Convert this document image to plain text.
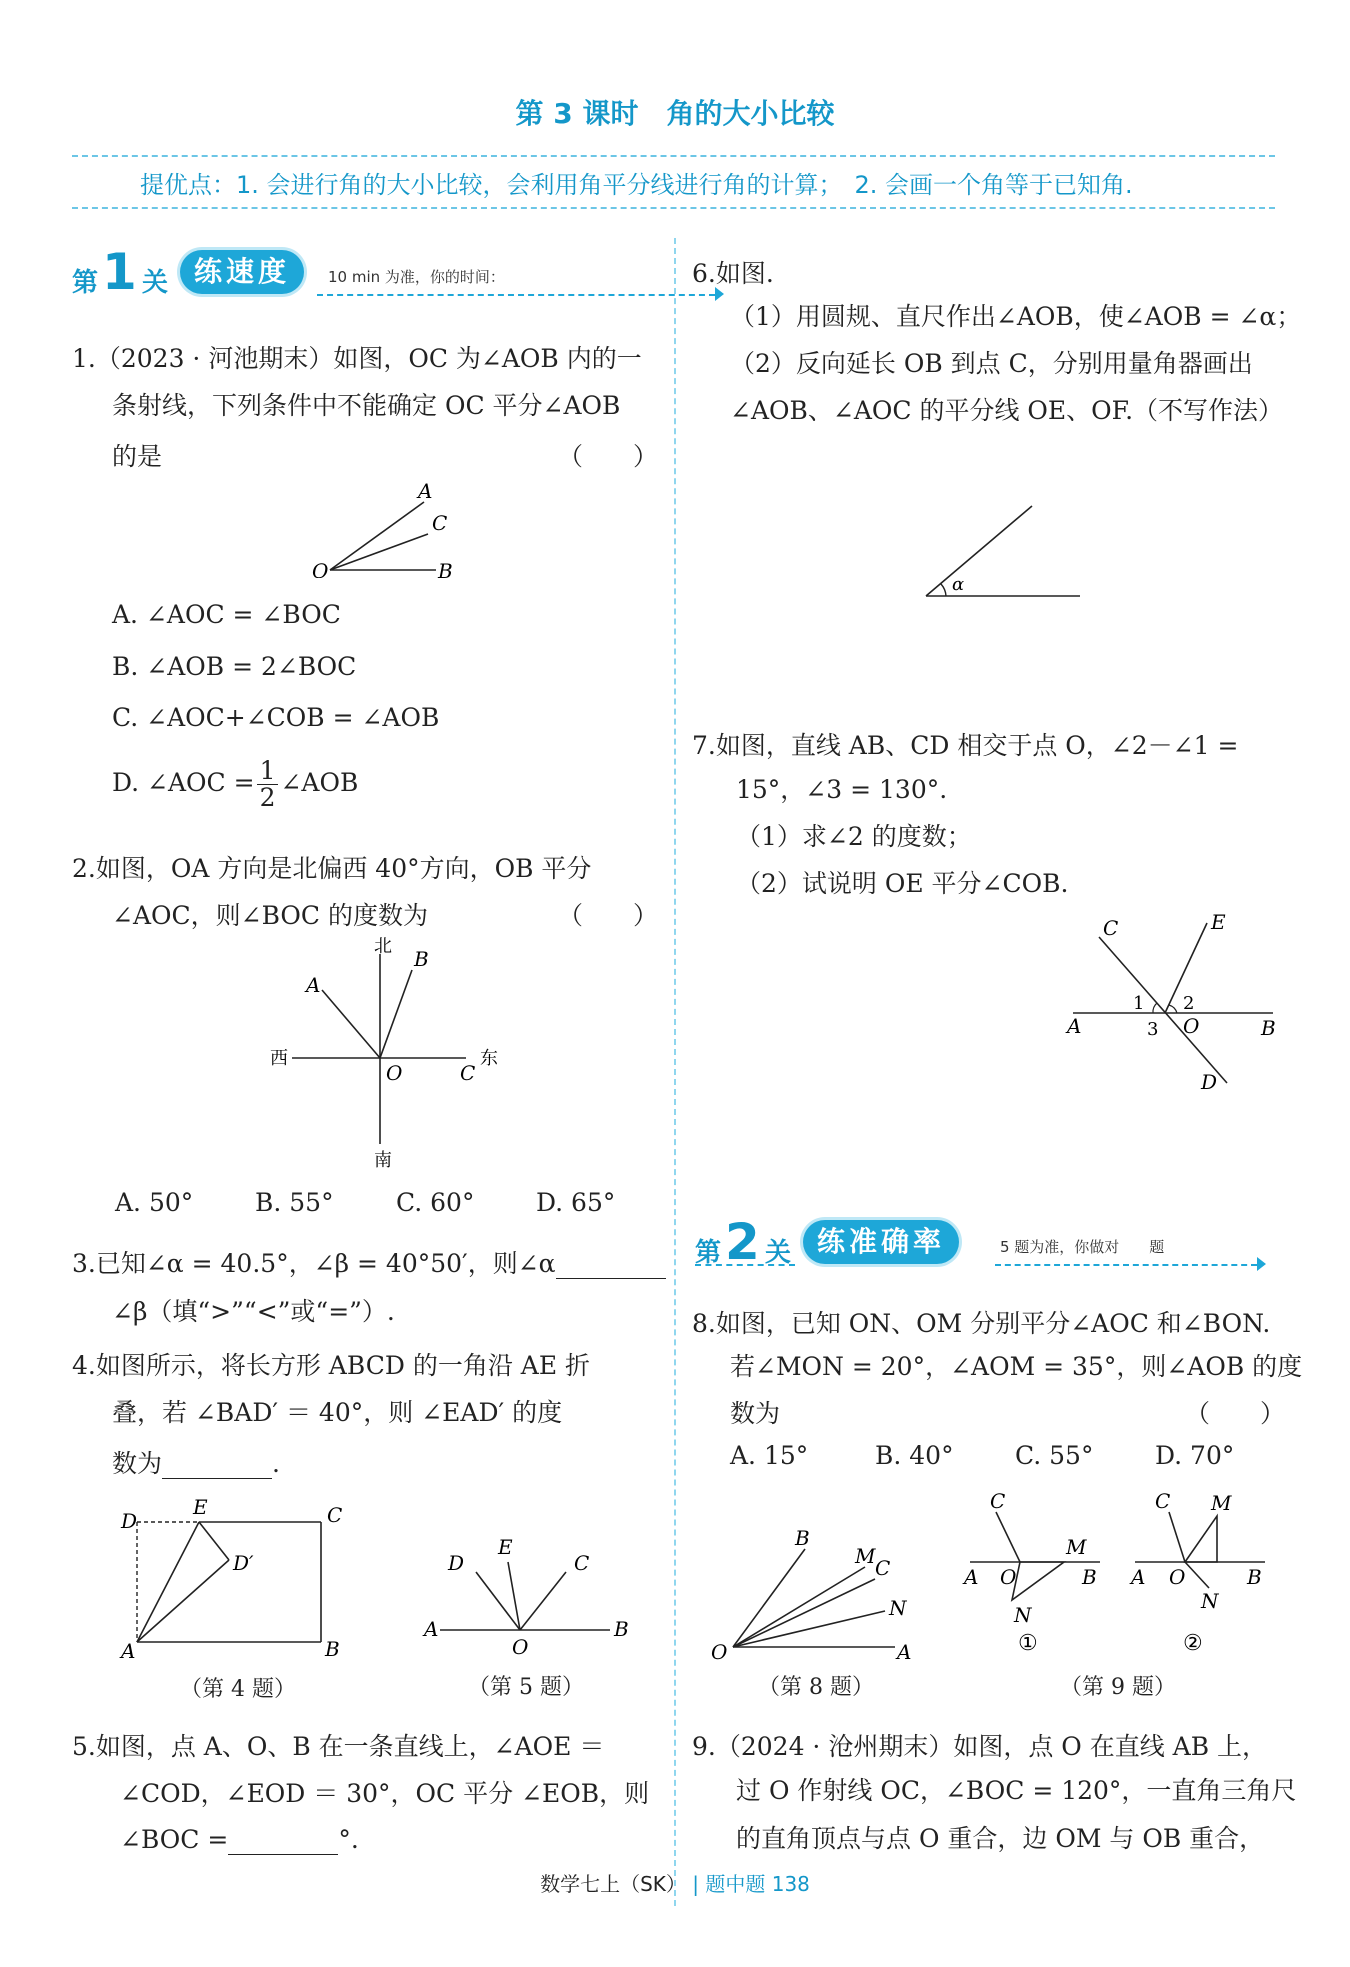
第 3 课时　角的大小比较
提优点：1. 会进行角的大小比较，会利用角平分线进行角的计算；　2. 会画一个角等于已知角.
第 1 关 练速度	10 min 为准，你的时间：
1.（2023 · 河池期末）如图，OC 为∠AOB 内的一
条射线，下列条件中不能确定 OC 平分∠AOB
的是	（　　）
A
C
O	B
A. ∠AOC = ∠BOC
B. ∠AOB = 2∠BOC
C. ∠AOC+∠COB = ∠AOB
D. ∠AOC = $\frac{1}{2}$ ∠AOB
2.如图，OA 方向是北偏西 40°方向，OB 平分
∠AOC，则∠BOC 的度数为	（　　）
北
南
西	东
A
B
O	C
A. 50° B. 55° C. 60° D. 65°
3.已知∠α = 40.5°，∠β = 40°50′，则∠α
∠β（填“>”“<”或“=”）.
4.如图所示，将长方形 ABCD 的一角沿 AE 折
叠，若 ∠BAD′ ＝ 40°，则 ∠EAD′ 的度
数为	.
D
E	C
D′
A	B
（第 4 题）
E
D	C
A
O
B
（第 5 题）
5.如图，点 A、O、B 在一条直线上，∠AOE ＝
∠COD，∠EOD ＝ 30°，OC 平分 ∠EOB，则
∠BOC =	°.
6.如图.
（1）用圆规、直尺作出∠AOB，使∠AOB = ∠α；
（2）反向延长 OB 到点 C，分别用量角器画出
∠AOB、∠AOC 的平分线 OE、OF.（不写作法）
α
7.如图，直线 AB、CD 相交于点 O，∠2－∠1 =
15°，∠3 = 130°.
（1）求∠2 的度数；
（2）试说明 OE 平分∠COB.
C	E
1 2
A	3 O	B
D
第 2 关 练准确率	5 题为准，你做对　　题
8.如图，已知 ON、OM 分别平分∠AOC 和∠BON.
若∠MON = 20°，∠AOM = 35°，则∠AOB 的度
数为	（　　）
A. 15°	B. 40° C. 55° D. 70°
B
M C
N
O	A
（第 8 题）
C
M
A O	B
N
①
C M
A O
N
B
②
（第 9 题）
9.（2024 · 沧州期末）如图，点 O 在直线 AB 上，
过 O 作射线 OC，∠BOC = 120°，一直角三角尺
的直角顶点与点 O 重合，边 OM 与 OB 重合，
数学七上（SK） | 题中题 138
